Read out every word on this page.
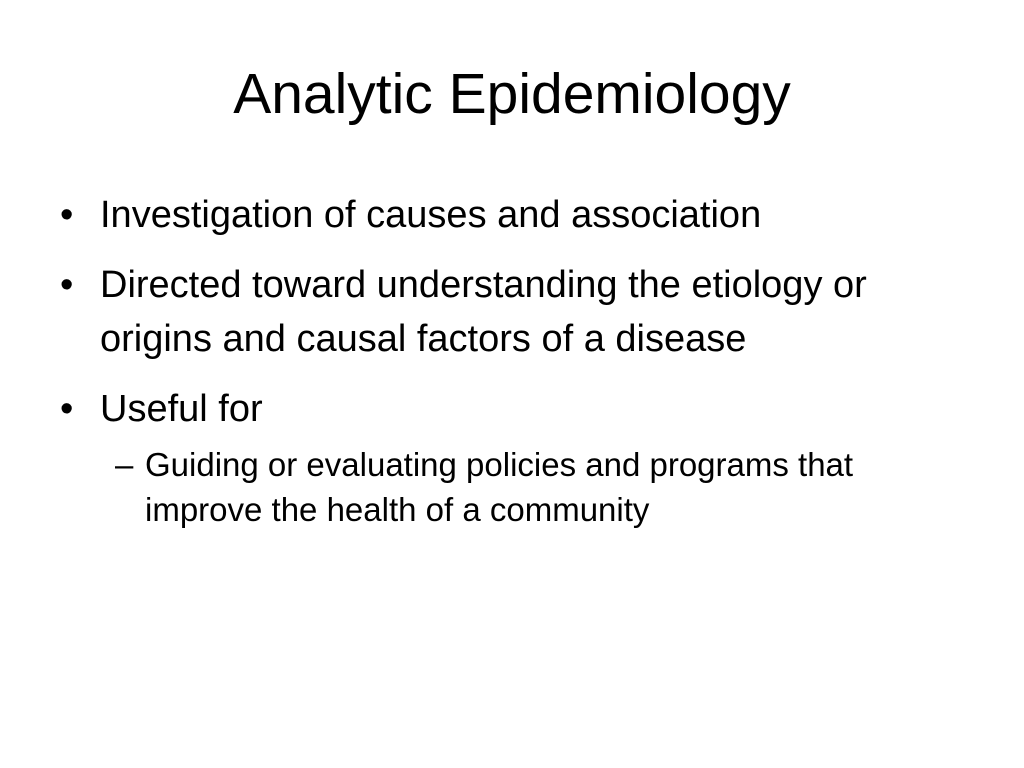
Analytic Epidemiology
• Investigation of causes and association
• Directed toward understanding the etiology or origins and causal factors of a disease
• Useful for
– Guiding or evaluating policies and programs that improve the health of a community
